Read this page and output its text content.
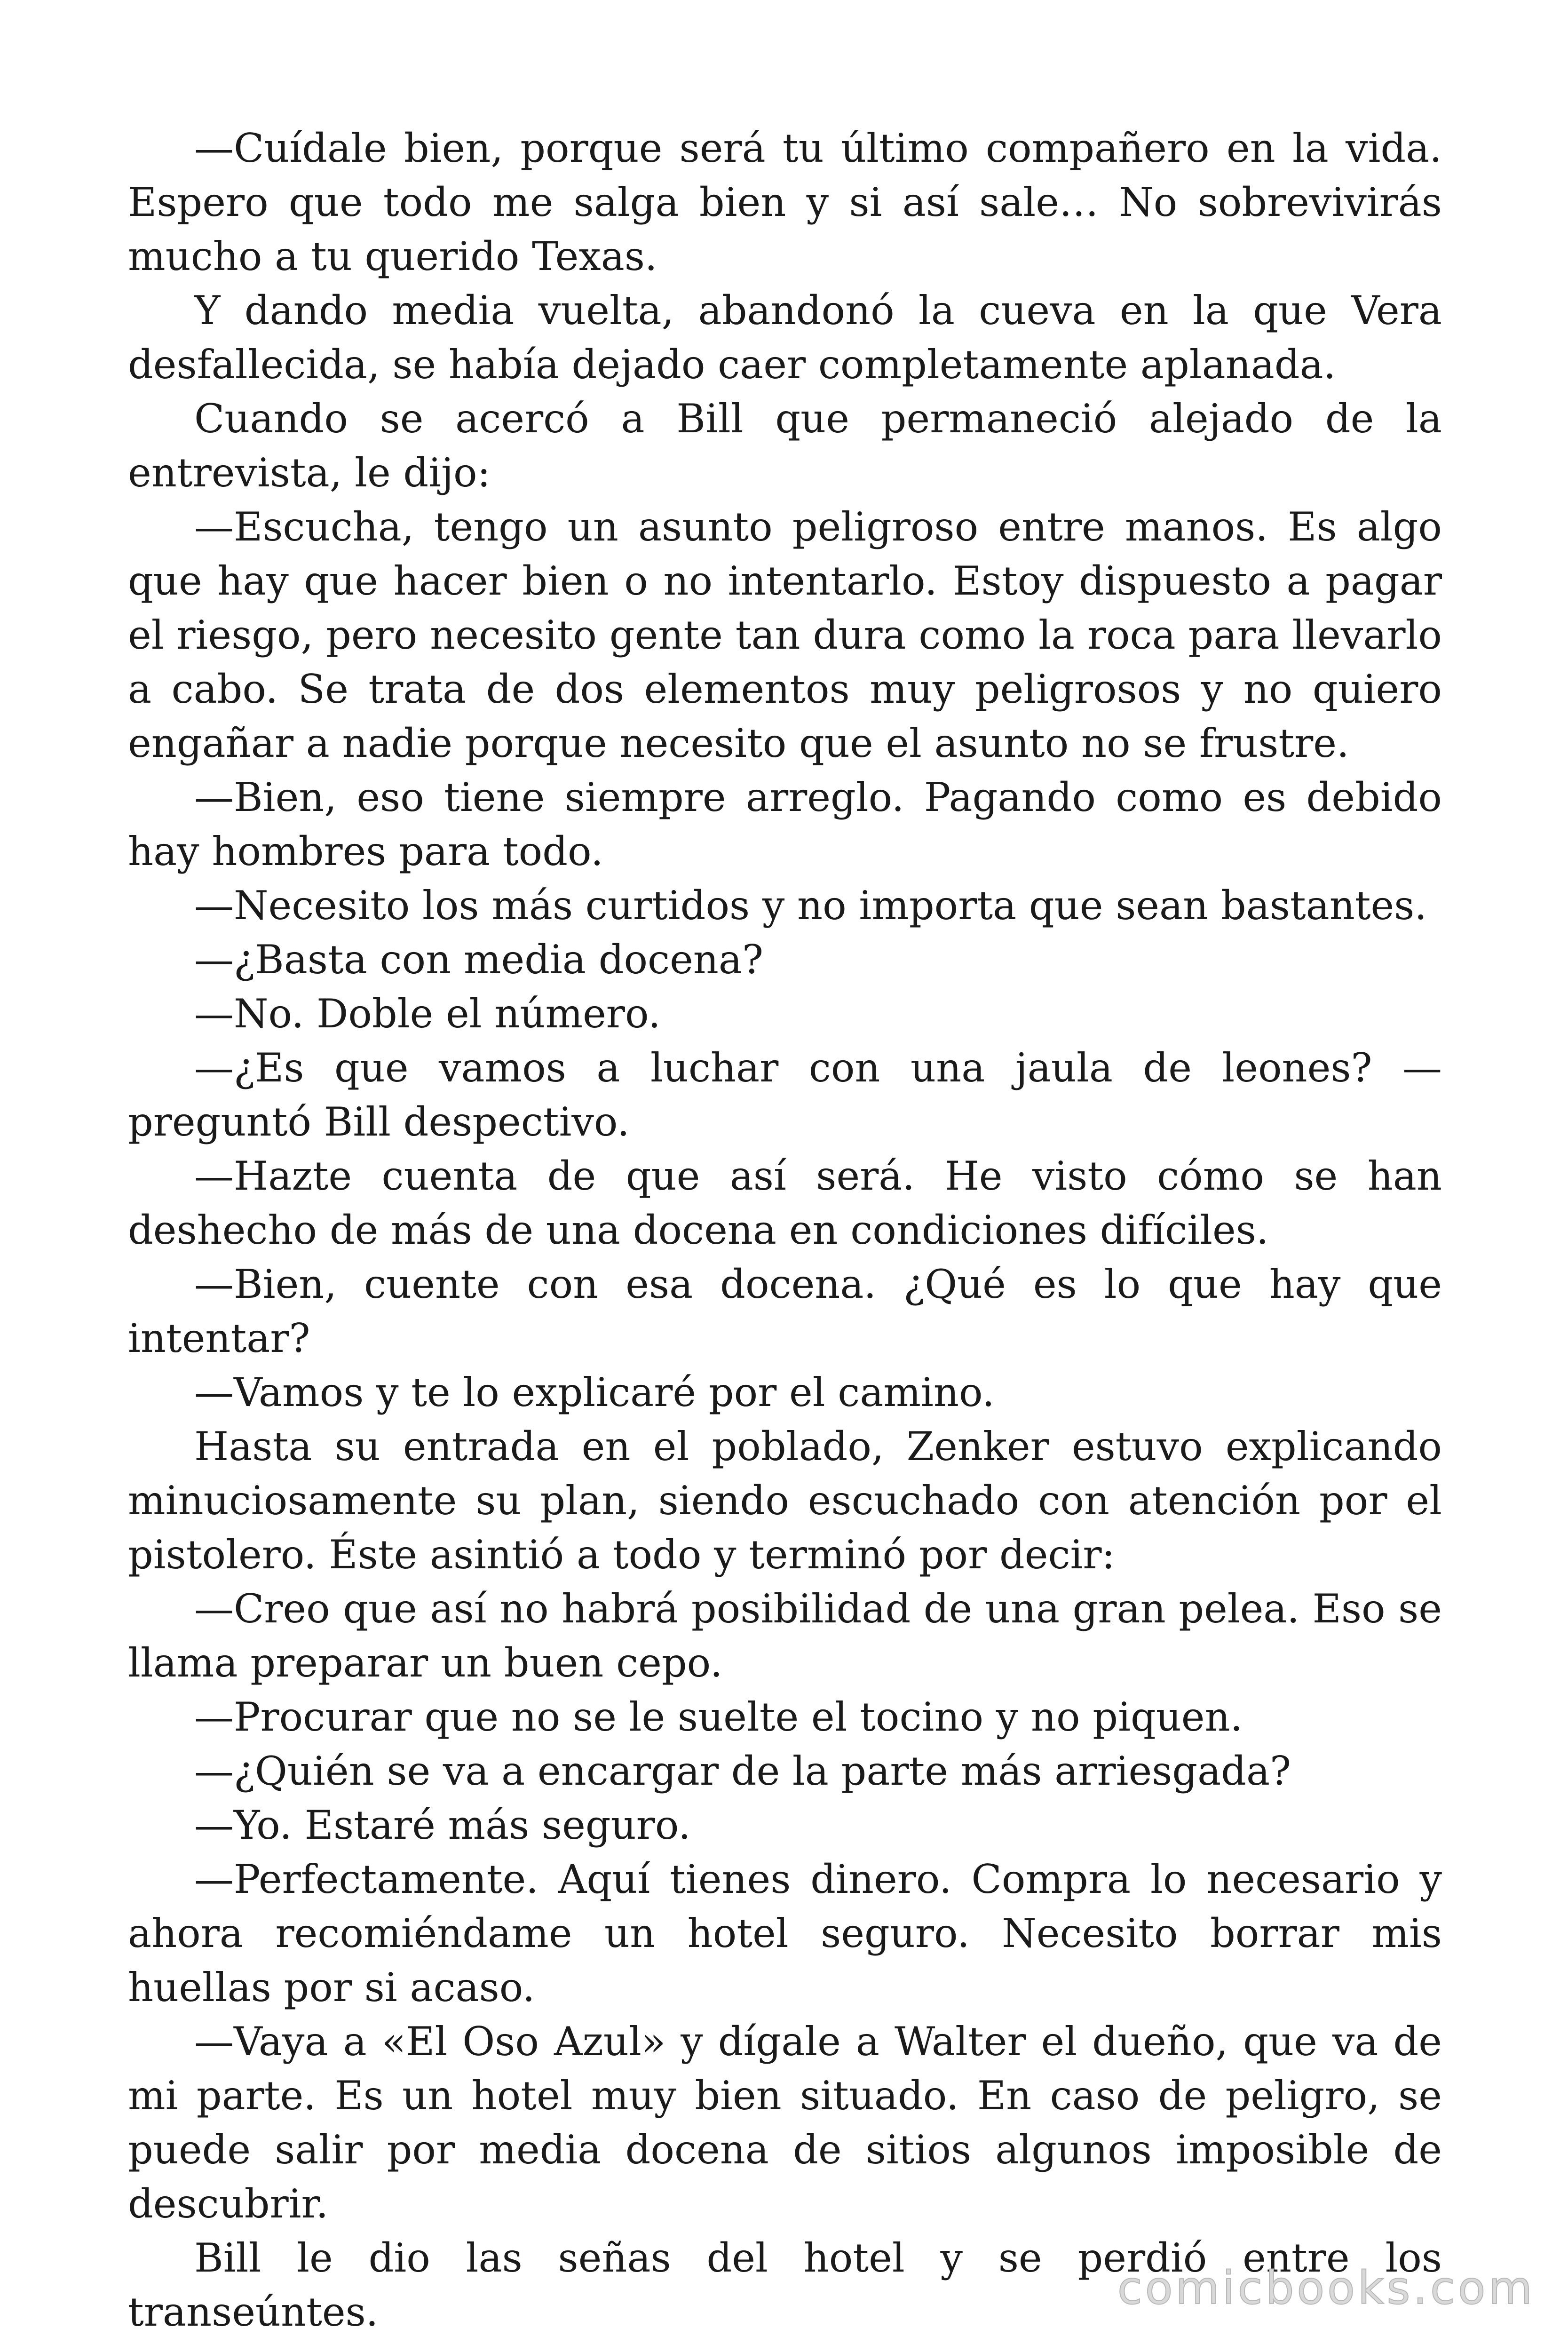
—Cuídale bien, porque será tu último compañero en la vida. Espero que todo me salga bien y si así sale… No sobrevivirás mucho a tu querido Texas.

Y dando media vuelta, abandonó la cueva en la que Vera desfallecida, se había dejado caer completamente aplanada.

Cuando se acercó a Bill que permaneció alejado de la entrevista, le dijo:

—Escucha, tengo un asunto peligroso entre manos. Es algo que hay que hacer bien o no intentarlo. Estoy dispuesto a pagar el riesgo, pero necesito gente tan dura como la roca para llevarlo a cabo. Se trata de dos elementos muy peligrosos y no quiero engañar a nadie porque necesito que el asunto no se frustre.

—Bien, eso tiene siempre arreglo. Pagando como es debido hay hombres para todo.

—Necesito los más curtidos y no importa que sean bastantes.

—¿Basta con media docena?

—No. Doble el número.

—¿Es que vamos a luchar con una jaula de leones? —preguntó Bill despectivo.

—Hazte cuenta de que así será. He visto cómo se han deshecho de más de una docena en condiciones difíciles.

—Bien, cuente con esa docena. ¿Qué es lo que hay que intentar?

—Vamos y te lo explicaré por el camino.

Hasta su entrada en el poblado, Zenker estuvo explicando minuciosamente su plan, siendo escuchado con atención por el pistolero. Éste asintió a todo y terminó por decir:

—Creo que así no habrá posibilidad de una gran pelea. Eso se llama preparar un buen cepo.

—Procurar que no se le suelte el tocino y no piquen.

—¿Quién se va a encargar de la parte más arriesgada?

—Yo. Estaré más seguro.

—Perfectamente. Aquí tienes dinero. Compra lo necesario y ahora recomiéndame un hotel seguro. Necesito borrar mis huellas por si acaso.

—Vaya a «El Oso Azul» y dígale a Walter el dueño, que va de mi parte. Es un hotel muy bien situado. En caso de peligro, se puede salir por media docena de sitios algunos imposible de descubrir.

Bill le dio las señas del hotel y se perdió entre los transeúntes.	comicbooks.com
